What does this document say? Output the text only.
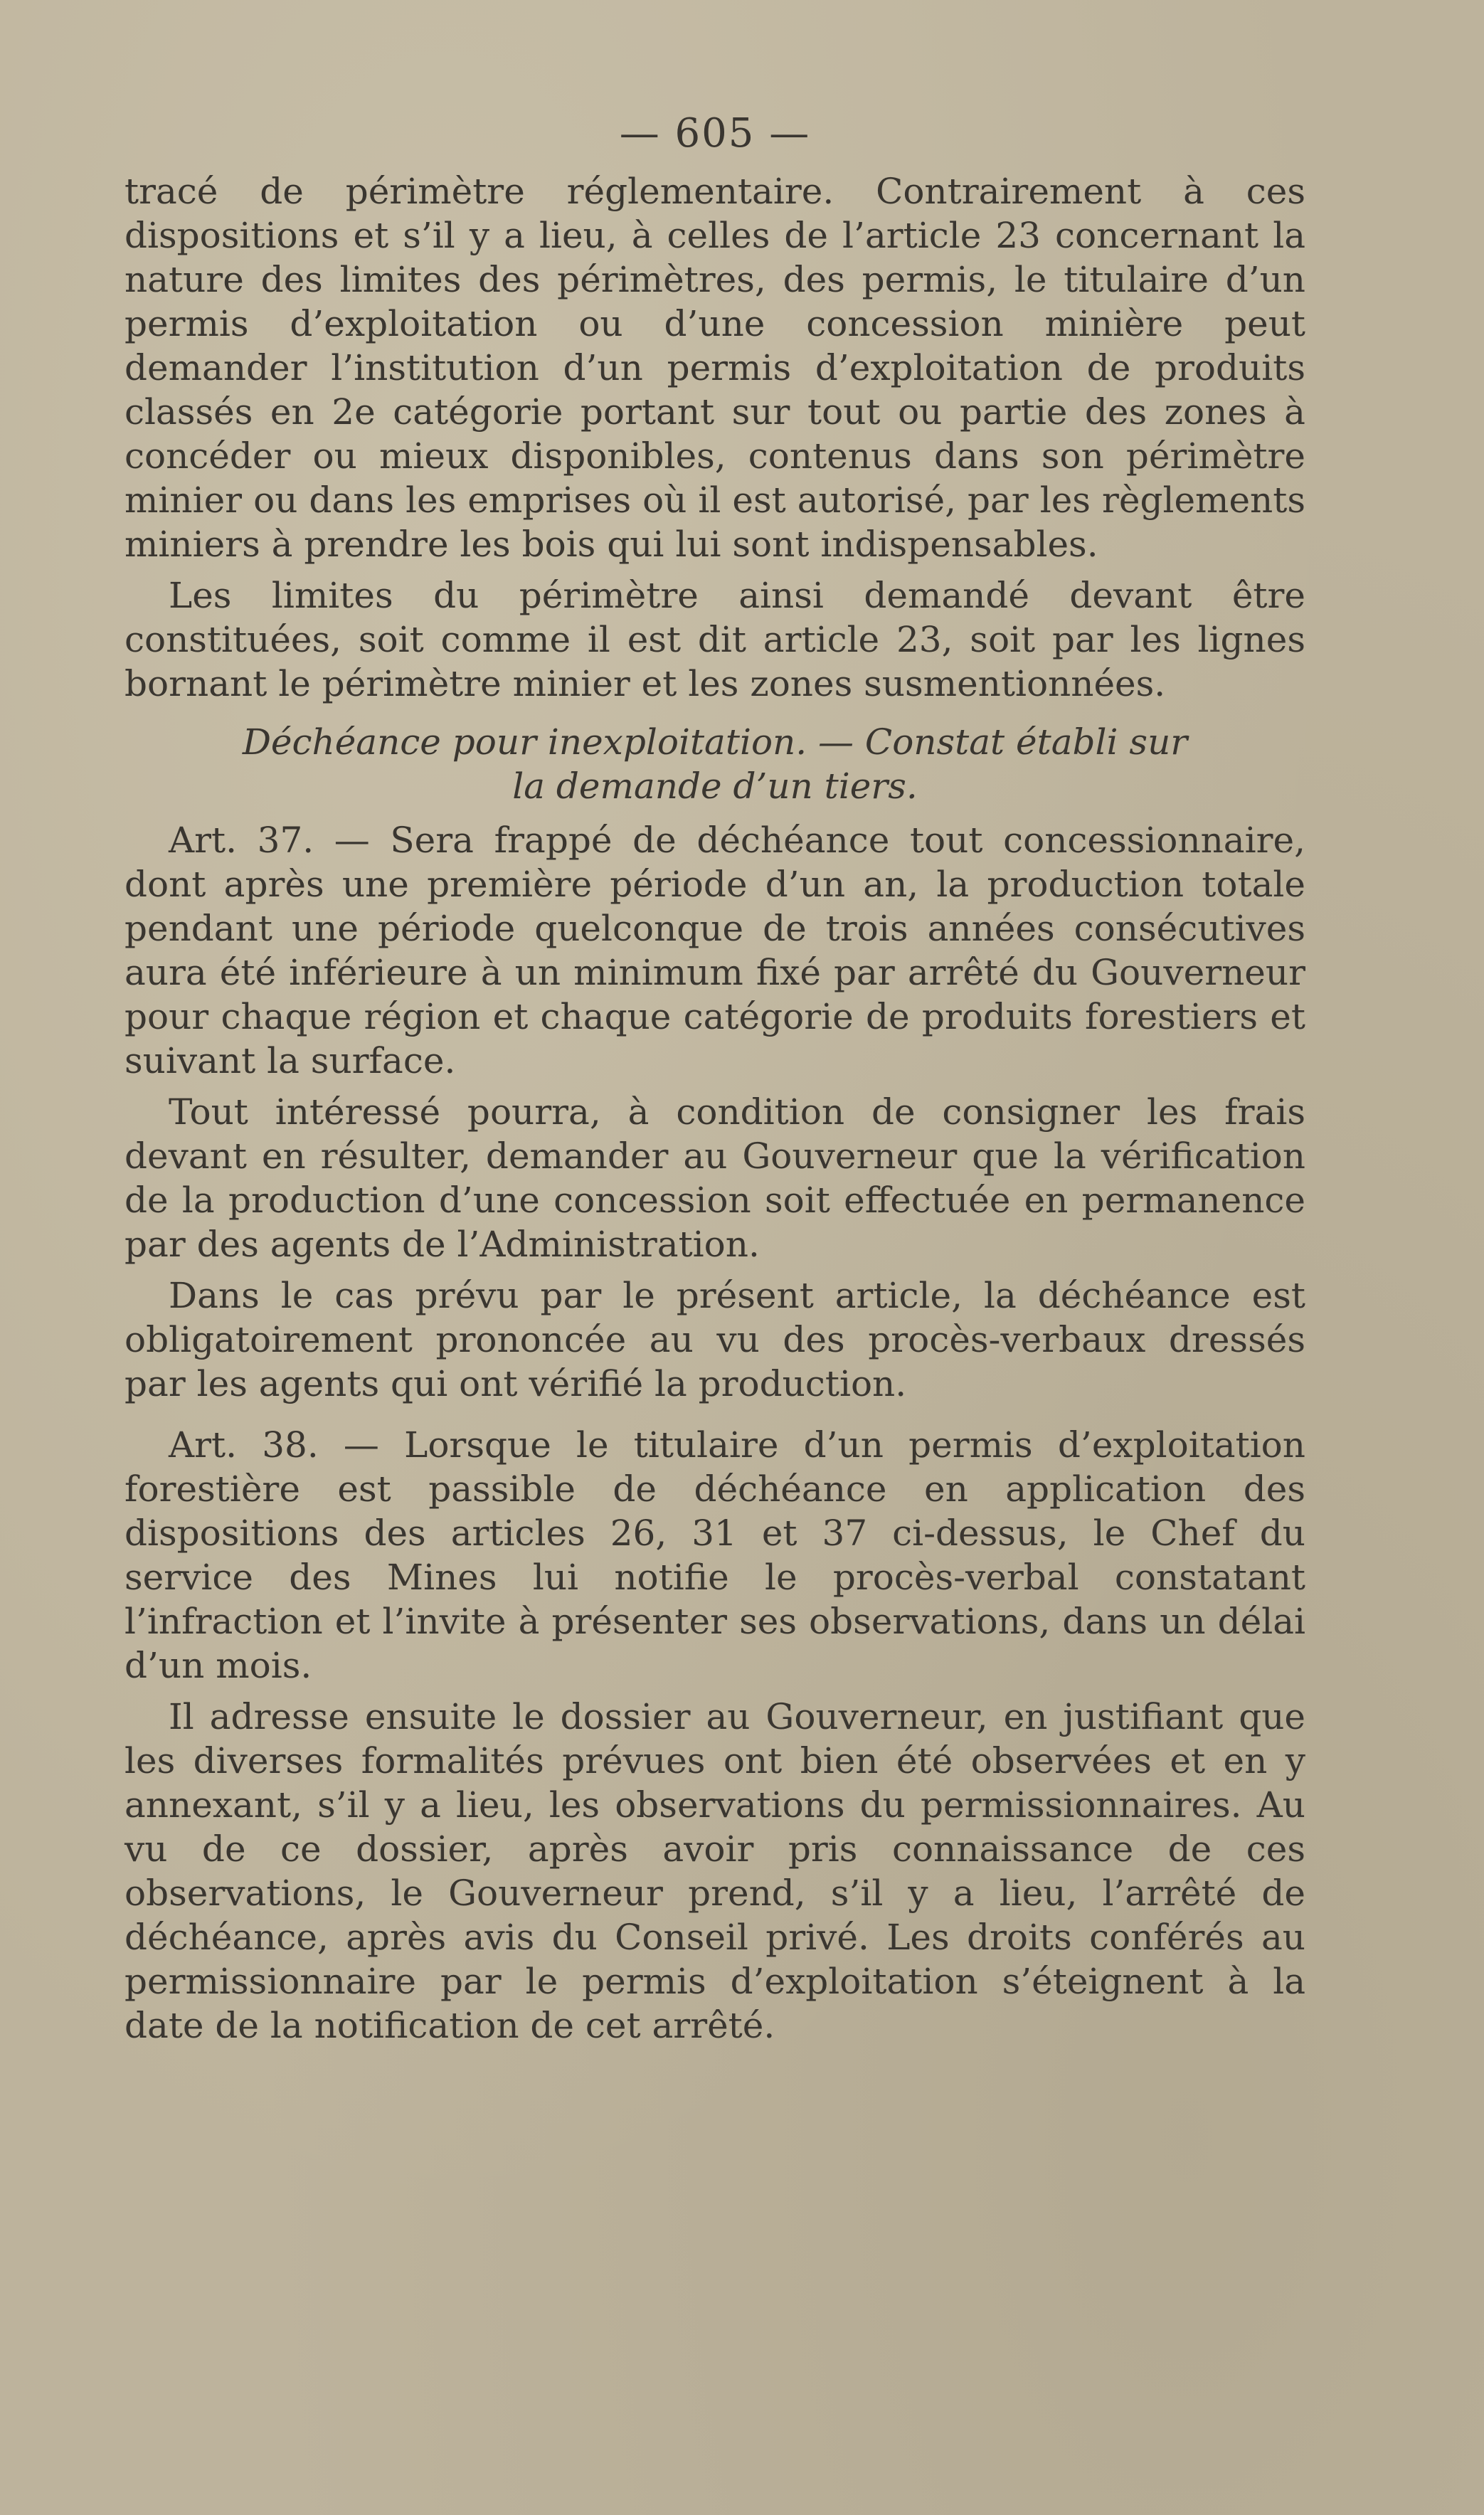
— 605 —

tracé de périmètre réglementaire. Contrairement à ces dispositions et s’il y a lieu, à celles de l’article 23 concernant la nature des limites des périmètres, des permis, le titulaire d’un permis d’exploitation ou d’une concession minière peut demander l’institution d’un permis d’exploitation de produits classés en 2e catégorie portant sur tout ou partie des zones à concéder ou mieux disponibles, contenus dans son périmètre minier ou dans les emprises où il est autorisé, par les règlements miniers à prendre les bois qui lui sont indispensables.

Les limites du périmètre ainsi demandé devant être constituées, soit comme il est dit article 23, soit par les lignes bornant le périmètre minier et les zones susmentionnées.

Déchéance pour inexploitation. — Constat établi sur
la demande d’un tiers.

Art. 37. — Sera frappé de déchéance tout concessionnaire, dont après une première période d’un an, la production totale pendant une période quelconque de trois années consécutives aura été inférieure à un minimum fixé par arrêté du Gouverneur pour chaque région et chaque catégorie de produits forestiers et suivant la surface.

Tout intéressé pourra, à condition de consigner les frais devant en résulter, demander au Gouverneur que la vérification de la production d’une concession soit effectuée en permanence par des agents de l’Administration.

Dans le cas prévu par le présent article, la déchéance est obligatoirement prononcée au vu des procès-verbaux dressés par les agents qui ont vérifié la production.

Art. 38. — Lorsque le titulaire d’un permis d’exploitation forestière est passible de déchéance en application des dispositions des articles 26, 31 et 37 ci-dessus, le Chef du service des Mines lui notifie le procès-verbal constatant l’infraction et l’invite à présenter ses observations, dans un délai d’un mois.

Il adresse ensuite le dossier au Gouverneur, en justifiant que les diverses formalités prévues ont bien été observées et en y annexant, s’il y a lieu, les observations du permissionnaires. Au vu de ce dossier, après avoir pris connaissance de ces observations, le Gouverneur prend, s’il y a lieu, l’arrêté de déchéance, après avis du Conseil privé. Les droits conférés au permissionnaire par le permis d’exploitation s’éteignent à la date de la notification de cet arrêté.
